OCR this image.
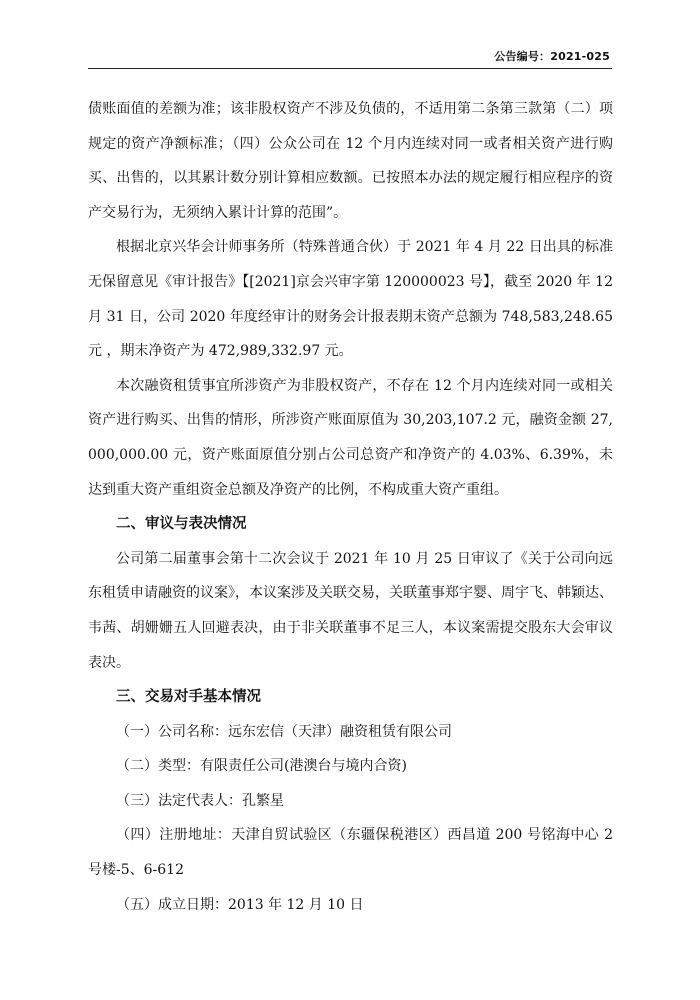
公告编号：2021-025

债账面值的差额为准；该非股权资产不涉及负债的，不适用第二条第三款第（二）项规定的资产净额标准；（四）公众公司在 12 个月内连续对同一或者相关资产进行购买、出售的，以其累计数分别计算相应数额。已按照本办法的规定履行相应程序的资产交易行为，无须纳入累计计算的范围”。

根据北京兴华会计师事务所（特殊普通合伙）于 2021 年 4 月 22 日出具的标准无保留意见《审计报告》【[2021]京会兴审字第 120000023 号】，截至 2020 年 12 月 31 日，公司 2020 年度经审计的财务会计报表期末资产总额为 748,583,248.65 元 ，期末净资产为 472,989,332.97 元。

本次融资租赁事宜所涉资产为非股权资产，不存在 12 个月内连续对同一或相关资产进行购买、出售的情形，所涉资产账面原值为 30,203,107.2 元，融资金额 27,000,000.00 元，资产账面原值分别占公司总资产和净资产的 4.03%、6.39%，未达到重大资产重组资金总额及净资产的比例，不构成重大资产重组。

二、审议与表决情况

公司第二届董事会第十二次会议于 2021 年 10 月 25 日审议了《关于公司向远东租赁申请融资的议案》，本议案涉及关联交易，关联董事郑宇婴、周宇飞、韩颖达、韦茜、胡姗姗五人回避表决，由于非关联董事不足三人，本议案需提交股东大会审议表决。

三、交易对手基本情况

（一）公司名称：远东宏信（天津）融资租赁有限公司

（二）类型：有限责任公司(港澳台与境内合资)

（三）法定代表人：孔繁星

（四）注册地址：天津自贸试验区（东疆保税港区）西昌道 200 号铭海中心 2 号楼-5、6-612

（五）成立日期：2013 年 12 月 10 日
